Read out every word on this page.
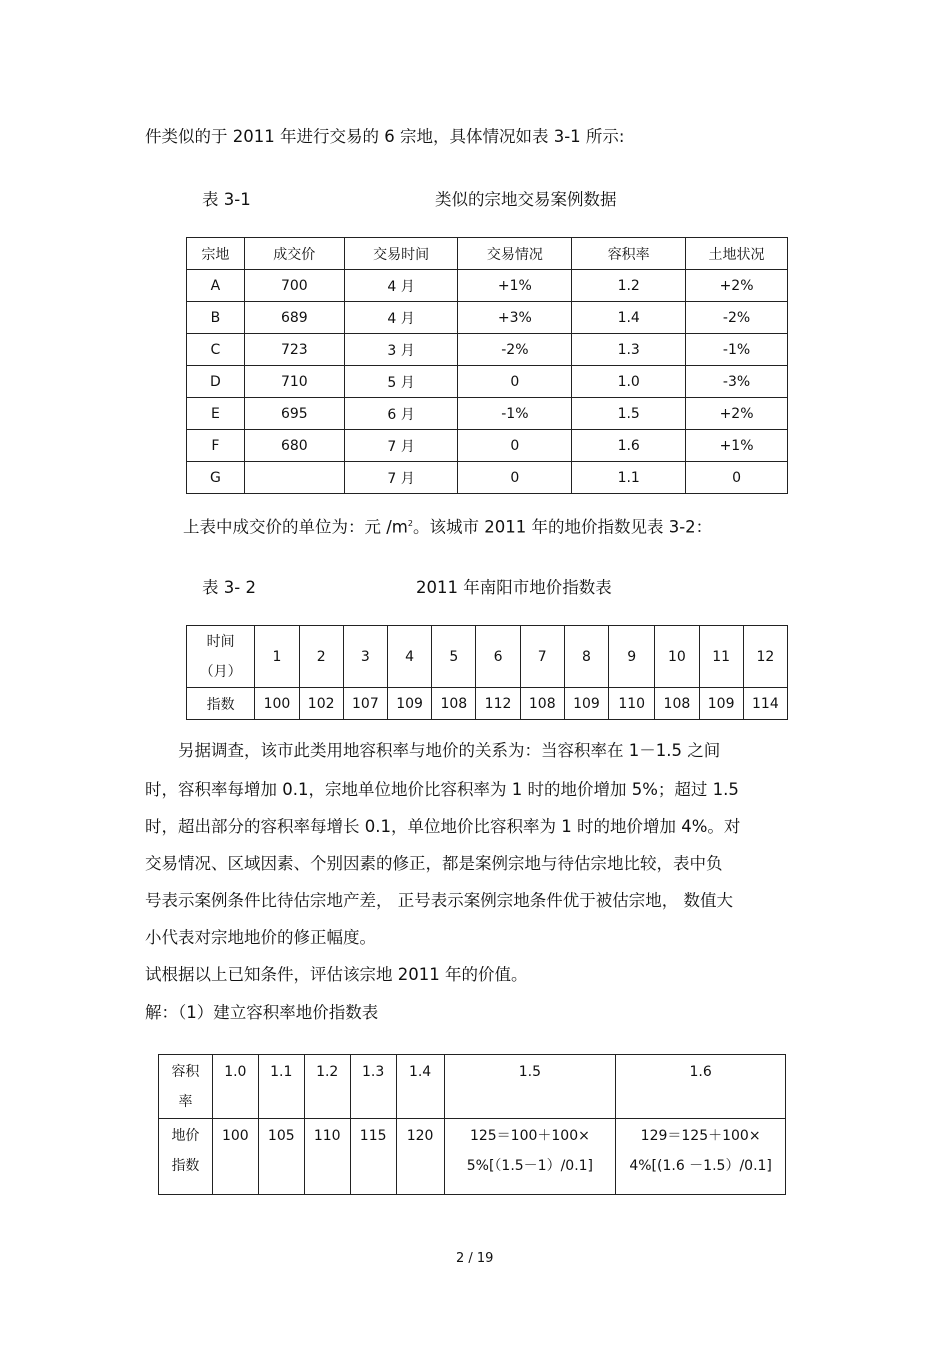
件类似的于 2011 年进行交易的 6 宗地，具体情况如表 3-1 所示:
表 3-1	类似的宗地交易案例数据
宗地	成交价	交易时间	交易情况	容积率	土地状况
A	700	4 月	+1%	1.2	+2%
B	689	4 月	+3%	1.4	-2%
C	723	3 月	-2%	1.3	-1%
D	710	5 月	0	1.0	-3%
E	695	6 月	-1%	1.5	+2%
F	680	7 月	0	1.6	+1%
G		7 月	0	1.1	0
上表中成交价的单位为：元 $/m^2$。该城市 2011 年的地价指数见表 3-2：
表 3- 2	2011 年南阳市地价指数表
时间
（月）	1	2	3	4	5	6	7	8	9	10	11	12
指数	100	102	107	109	108	112	108	109	110	108	109	114
另据调查，该市此类用地容积率与地价的关系为：当容积率在 1－1.5 之间
时，容积率每增加 0.1，宗地单位地价比容积率为 1 时的地价增加 5%；超过 1.5
时，超出部分的容积率每增长 0.1，单位地价比容积率为 1 时的地价增加 4%。对
交易情况、区域因素、个别因素的修正，都是案例宗地与待估宗地比较，表中负
号表示案例条件比待估宗地产差， 正号表示案例宗地条件优于被估宗地， 数值大
小代表对宗地地价的修正幅度。
试根据以上已知条件，评估该宗地 2011 年的价值。
解：（1）建立容积率地价指数表
容积
率	1.0	1.1	1.2	1.3	1.4	1.5	1.6
地价
指数	100	105	110	115	120	125＝100＋100×
5%[（1.5－1）/0.1]	129＝125＋100×
4%[(1.6 －1.5）/0.1]
2 / 19
